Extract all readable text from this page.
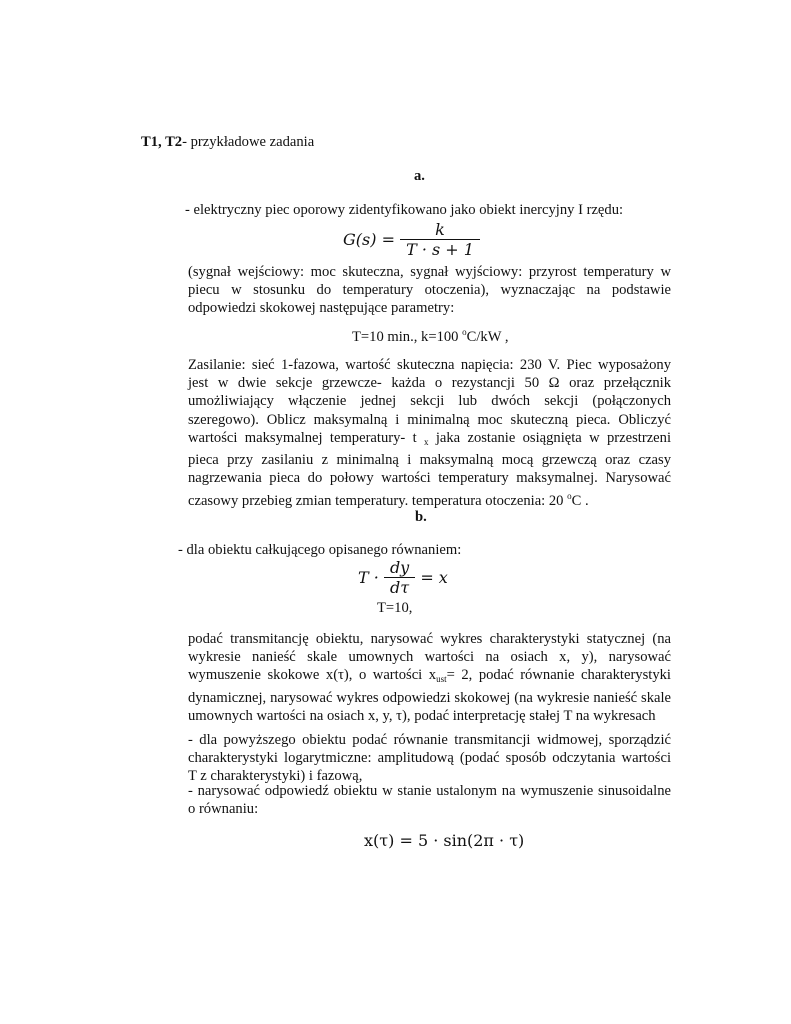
T1, T2- przykładowe zadania
a.
- elektryczny piec oporowy zidentyfikowano jako obiekt inercyjny I rzędu:
$G(s) = \frac{k}{T \cdot s + 1}$

(sygnał wejściowy: moc skuteczna, sygnał wyjściowy: przyrost temperatury w

piecu w stosunku do temperatury otoczenia), wyznaczając na podstawie

odpowiedzi skokowej następujące parametry:

T=10 min., k=100 $^o$C/kW ,

Zasilanie: sieć 1-fazowa, wartość skuteczna napięcia: 230 V. Piec wyposażony

jest w dwie sekcje grzewcze- każda o rezystancji 50 Ω oraz przełącznik

umożliwiający włączenie jednej sekcji lub dwóch sekcji (połączonych

szeregowo). Oblicz maksymalną i minimalną moc skuteczną pieca. Obliczyć

wartości maksymalnej temperatury- t $_x$ jaka zostanie osiągnięta w przestrzeni

pieca przy zasilaniu z minimalną i maksymalną mocą grzewczą oraz czasy

nagrzewania pieca do połowy wartości temperatury maksymalnej. Narysować

czasowy przebieg zmian temperatury. temperatura otoczenia: 20 $^o$C .

b.
- dla obiektu całkującego opisanego równaniem:
$T \cdot \frac{dy}{d\tau} = x$
T=10,

podać transmitancję obiektu, narysować wykres charakterystyki statycznej (na

wykresie nanieść skale umownych wartości na osiach x, y), narysować

wymuszenie skokowe x(τ), o wartości $x_{ust}= 2$, podać równanie charakterystyki

dynamicznej, narysować wykres odpowiedzi skokowej (na wykresie nanieść skale

umownych wartości na osiach x, y, τ), podać interpretację stałej T na wykresach

- dla powyższego obiektu podać równanie transmitancji widmowej, sporządzić

charakterystyki logarytmiczne: amplitudową (podać sposób odczytania wartości

T z charakterystyki) i fazową,

- narysować odpowiedź obiektu w stanie ustalonym na wymuszenie sinusoidalne

o równaniu:

x(τ) = 5 · sin(2π · τ)
